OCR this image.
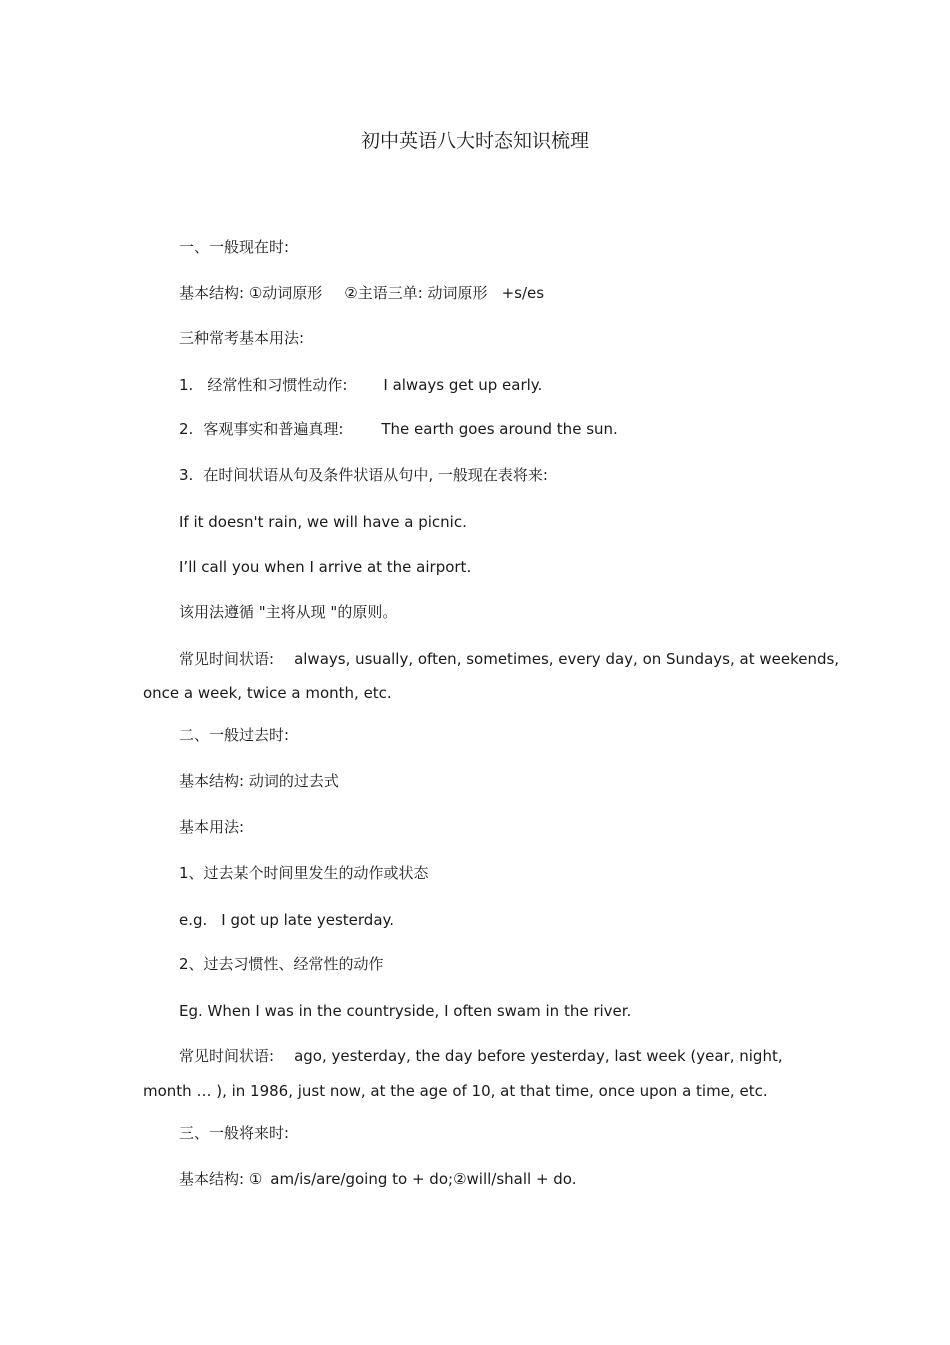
初中英语八大时态知识梳理
一、一般现在时:
基本结构: ①动词原形 ②主语三单: 动词原形 +s/es
三种常考基本用法:
1. 经常性和习惯性动作: I always get up early.
2. 客观事实和普遍真理:	The earth goes around the sun.
3. 在时间状语从句及条件状语从句中, 一般现在表将来:
If it doesn't rain, we will have a picnic.
I’ll call you when I arrive at the airport.
该用法遵循 "主将从现 "的原则。
常见时间状语: always, usually, often, sometimes, every day, on Sundays, at weekends,
once a week, twice a month, etc.
二、一般过去时:
基本结构: 动词的过去式
基本用法:
1、过去某个时间里发生的动作或状态
e.g. I got up late yesterday.
2、过去习惯性、经常性的动作
Eg. When I was in the countryside, I often swam in the river.
常见时间状语: ago, yesterday, the day before yesterday, last week (year, night,
month … ), in 1986, just now, at the age of 10, at that time, once upon a time, etc.
三、一般将来时:
基本结构: ① am/is/are/going to + do;②will/shall + do.
